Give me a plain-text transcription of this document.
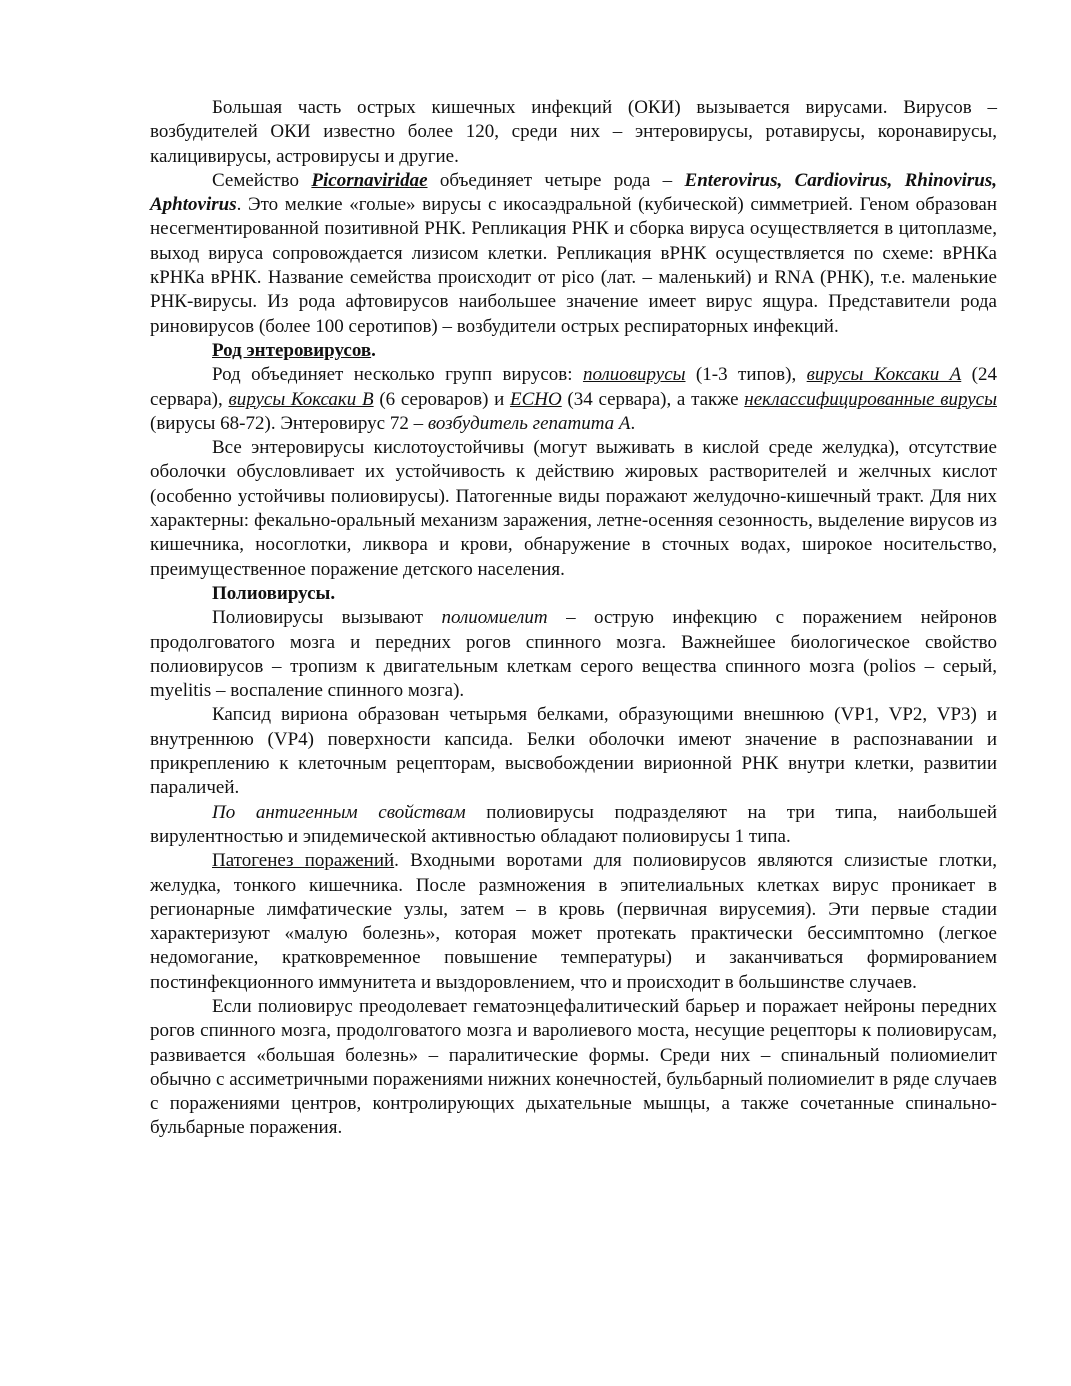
Большая часть острых кишечных инфекций (ОКИ) вызывается вирусами. Вирусов – возбудителей ОКИ известно более 120, среди них – энтеровирусы, ротавирусы, коронавирусы, калицивирусы, астровирусы и другие.

Семейство Picornaviridae объединяет четыре рода – Enterovirus, Cardiovirus, Rhinovirus, Aphtovirus. Это мелкие «голые» вирусы с икосаэдральной (кубической) симметрией. Геном образован несегментированной позитивной РНК. Репликация РНК и сборка вируса осуществляется в цитоплазме, выход вируса сопровождается лизисом клетки. Репликация вРНК осуществляется по схеме: вРНКа кРНКа вРНК. Название семейства происходит от pico (лат. – маленький) и RNA (РНК), т.е. маленькие РНК-вирусы. Из рода афтовирусов наибольшее значение имеет вирус ящура. Представители рода риновирусов (более 100 серотипов) – возбудители острых респираторных инфекций.

Род энтеровирусов.

Род объединяет несколько групп вирусов: полиовирусы (1-3 типов), вирусы Коксаки А (24 сервара), вирусы Коксаки В (6 сероваров) и ECHO (34 сервара), а также неклассифицированные вирусы (вирусы 68-72). Энтеровирус 72 – возбудитель гепатита А.

Все энтеровирусы кислотоустойчивы (могут выживать в кислой среде желудка), отсутствие оболочки обусловливает их устойчивость к действию жировых растворителей и желчных кислот (особенно устойчивы полиовирусы). Патогенные виды поражают желудочно-кишечный тракт. Для них характерны: фекально-оральный механизм заражения, летне-осенняя сезонность, выделение вирусов из кишечника, носоглотки, ликвора и крови, обнаружение в сточных водах, широкое носительство, преимущественное поражение детского населения.

Полиовирусы.

Полиовирусы вызывают полиомиелит – острую инфекцию с поражением нейронов продолговатого мозга и передних рогов спинного мозга. Важнейшее биологическое свойство полиовирусов – тропизм к двигательным клеткам серого вещества спинного мозга (polios – серый, myelitis – воспаление спинного мозга).

Капсид вириона образован четырьмя белками, образующими внешнюю (VP1, VP2, VP3) и внутреннюю (VP4) поверхности капсида. Белки оболочки имеют значение в распознавании и прикреплению к клеточным рецепторам, высвобождении вирионной РНК внутри клетки, развитии параличей.

По антигенным свойствам полиовирусы подразделяют на три типа, наибольшей вирулентностью и эпидемической активностью обладают полиовирусы 1 типа.

Патогенез поражений. Входными воротами для полиовирусов являются слизистые глотки, желудка, тонкого кишечника. После размножения в эпителиальных клетках вирус проникает в регионарные лимфатические узлы, затем – в кровь (первичная вирусемия). Эти первые стадии характеризуют «малую болезнь», которая может протекать практически бессимптомно (легкое недомогание, кратковременное повышение температуры) и заканчиваться формированием постинфекционного иммунитета и выздоровлением, что и происходит в большинстве случаев.

Если полиовирус преодолевает гематоэнцефалитический барьер и поражает нейроны передних рогов спинного мозга, продолговатого мозга и варолиевого моста, несущие рецепторы к полиовирусам, развивается «большая болезнь» – паралитические формы. Среди них – спинальный полиомиелит обычно с ассиметричными поражениями нижних конечностей, бульбарный полиомиелит в ряде случаев с поражениями центров, контролирующих дыхательные мышцы, а также сочетанные спинально-бульбарные поражения.
